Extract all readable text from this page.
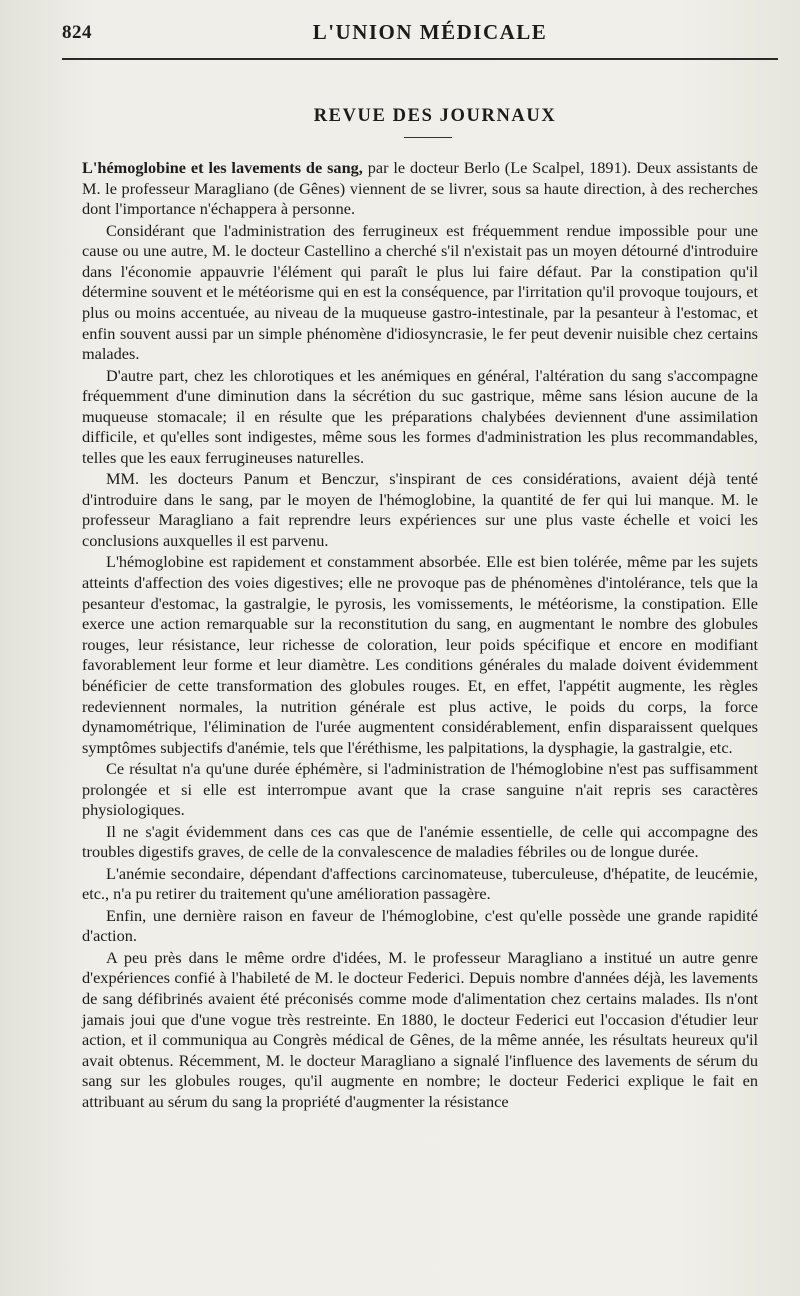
824	L'UNION MÉDICALE
REVUE DES JOURNAUX

L'hémoglobine et les lavements de sang, par le docteur Berlo (Le Scalpel, 1891). Deux assistants de M. le professeur Maragliano (de Gênes) viennent de se livrer, sous sa haute direction, à des recherches dont l'importance n'échappera à personne.

Considérant que l'administration des ferrugineux est fréquemment rendue impossible pour une cause ou une autre, M. le docteur Castellino a cherché s'il n'existait pas un moyen détourné d'introduire dans l'économie appauvrie l'élément qui paraît le plus lui faire défaut. Par la constipation qu'il détermine souvent et le météorisme qui en est la conséquence, par l'irritation qu'il provoque toujours, et plus ou moins accentuée, au niveau de la muqueuse gastro-intestinale, par la pesanteur à l'estomac, et enfin souvent aussi par un simple phénomène d'idiosyncrasie, le fer peut devenir nuisible chez certains malades.

D'autre part, chez les chlorotiques et les anémiques en général, l'altération du sang s'accompagne fréquemment d'une diminution dans la sécrétion du suc gastrique, même sans lésion aucune de la muqueuse stomacale; il en résulte que les préparations chalybées deviennent d'une assimilation difficile, et qu'elles sont indigestes, même sous les formes d'administration les plus recommandables, telles que les eaux ferrugineuses naturelles.

MM. les docteurs Panum et Benczur, s'inspirant de ces considérations, avaient déjà tenté d'introduire dans le sang, par le moyen de l'hémoglobine, la quantité de fer qui lui manque. M. le professeur Maragliano a fait reprendre leurs expériences sur une plus vaste échelle et voici les conclusions auxquelles il est parvenu.

L'hémoglobine est rapidement et constamment absorbée. Elle est bien tolérée, même par les sujets atteints d'affection des voies digestives; elle ne provoque pas de phénomènes d'intolérance, tels que la pesanteur d'estomac, la gastralgie, le pyrosis, les vomissements, le météorisme, la constipation. Elle exerce une action remarquable sur la reconstitution du sang, en augmentant le nombre des globules rouges, leur résistance, leur richesse de coloration, leur poids spécifique et encore en modifiant favorablement leur forme et leur diamètre. Les conditions générales du malade doivent évidemment bénéficier de cette transformation des globules rouges. Et, en effet, l'appétit augmente, les règles redeviennent normales, la nutrition générale est plus active, le poids du corps, la force dynamométrique, l'élimination de l'urée augmentent considérablement, enfin disparaissent quelques symptômes subjectifs d'anémie, tels que l'éréthisme, les palpitations, la dysphagie, la gastralgie, etc.

Ce résultat n'a qu'une durée éphémère, si l'administration de l'hémoglobine n'est pas suffisamment prolongée et si elle est interrompue avant que la crase sanguine n'ait repris ses caractères physiologiques.

Il ne s'agit évidemment dans ces cas que de l'anémie essentielle, de celle qui accompagne des troubles digestifs graves, de celle de la convalescence de maladies fébriles ou de longue durée.

L'anémie secondaire, dépendant d'affections carcinomateuse, tuberculeuse, d'hépatite, de leucémie, etc., n'a pu retirer du traitement qu'une amélioration passagère.

Enfin, une dernière raison en faveur de l'hémoglobine, c'est qu'elle possède une grande rapidité d'action.

A peu près dans le même ordre d'idées, M. le professeur Maragliano a institué un autre genre d'expériences confié à l'habileté de M. le docteur Federici. Depuis nombre d'années déjà, les lavements de sang défibrinés avaient été préconisés comme mode d'alimentation chez certains malades. Ils n'ont jamais joui que d'une vogue très restreinte. En 1880, le docteur Federici eut l'occasion d'étudier leur action, et il communiqua au Congrès médical de Gênes, de la même année, les résultats heureux qu'il avait obtenus. Récemment, M. le docteur Maragliano a signalé l'influence des lavements de sérum du sang sur les globules rouges, qu'il augmente en nombre; le docteur Federici explique le fait en attribuant au sérum du sang la propriété d'augmenter la résistance
